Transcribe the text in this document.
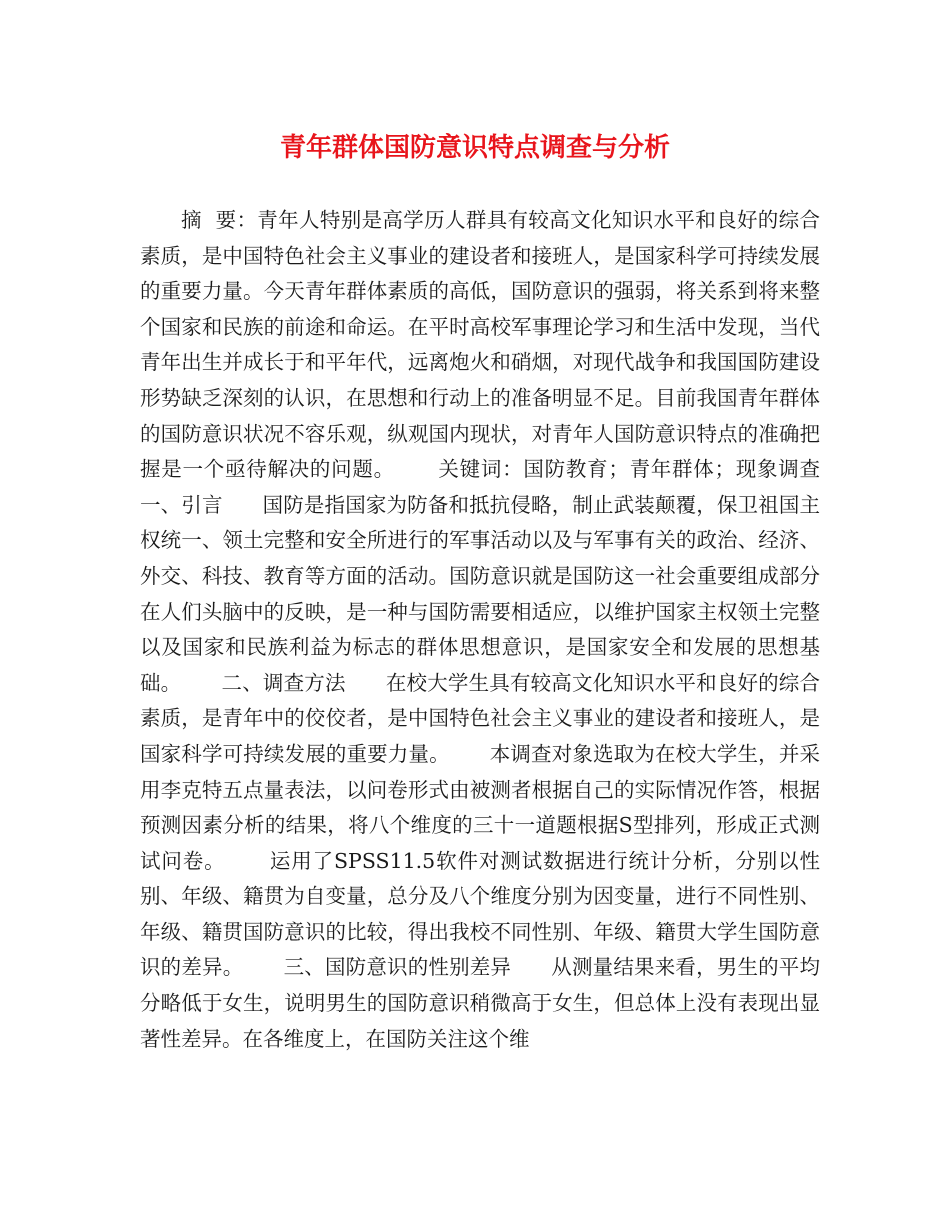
青年群体国防意识特点调查与分析

摘  要：青年人特别是高学历人群具有较高文化知识水平和良好的综合素质，是中国特色社会主义事业的建设者和接班人，是国家科学可持续发展的重要力量。今天青年群体素质的高低，国防意识的强弱，将关系到将来整个国家和民族的前途和命运。在平时高校军事理论学习和生活中发现，当代青年出生并成长于和平年代，远离炮火和硝烟，对现代战争和我国国防建设形势缺乏深刻的认识，在思想和行动上的准备明显不足。目前我国青年群体的国防意识状况不容乐观，纵观国内现状，对青年人国防意识特点的准确把握是一个亟待解决的问题。      关键词：国防教育；青年群体；现象调查      一、引言      国防是指国家为防备和抵抗侵略，制止武装颠覆，保卫祖国主权统一、领土完整和安全所进行的军事活动以及与军事有关的政治、经济、外交、科技、教育等方面的活动。国防意识就是国防这一社会重要组成部分在人们头脑中的反映，是一种与国防需要相适应，以维护国家主权领土完整以及国家和民族利益为标志的群体思想意识，是国家安全和发展的思想基础。      二、调查方法      在校大学生具有较高文化知识水平和良好的综合素质，是青年中的佼佼者，是中国特色社会主义事业的建设者和接班人，是国家科学可持续发展的重要力量。      本调查对象选取为在校大学生，并采用李克特五点量表法，以问卷形式由被测者根据自己的实际情况作答，根据预测因素分析的结果，将八个维度的三十一道题根据S型排列，形成正式测试问卷。      运用了SPSS11.5软件对测试数据进行统计分析，分别以性别、年级、籍贯为自变量，总分及八个维度分别为因变量，进行不同性别、年级、籍贯国防意识的比较，得出我校不同性别、年级、籍贯大学生国防意识的差异。      三、国防意识的性别差异      从测量结果来看，男生的平均分略低于女生，说明男生的国防意识稍微高于女生，但总体上没有表现出显著性差异。在各维度上，在国防关注这个维
